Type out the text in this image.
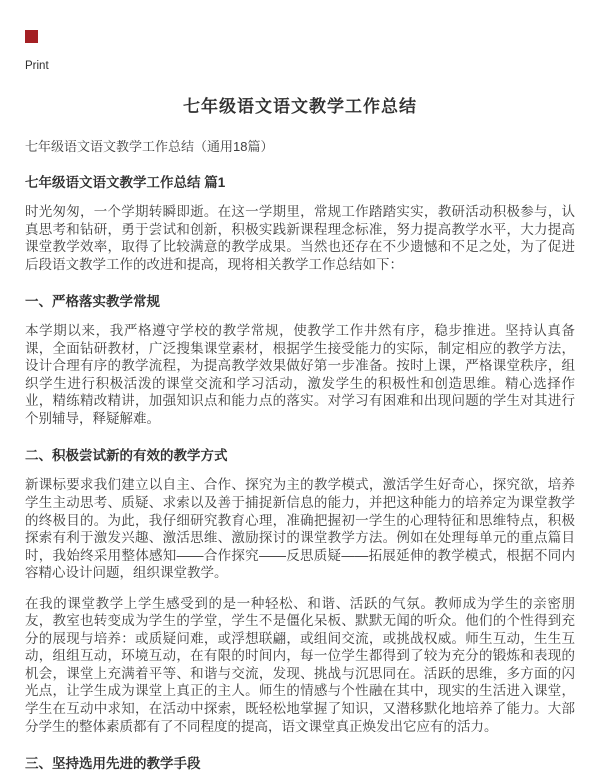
Print
七年级语文语文教学工作总结

七年级语文语文教学工作总结（通用18篇）

七年级语文语文教学工作总结 篇1

时光匆匆，一个学期转瞬即逝。在这一学期里，常规工作踏踏实实，教研活动积极参与，认真思考和钻研，勇于尝试和创新，积极实践新课程理念标准，努力提高教学水平，大力提高课堂教学效率，取得了比较满意的教学成果。当然也还存在不少遗憾和不足之处，为了促进后段语文教学工作的改进和提高，现将相关教学工作总结如下：

一、严格落实教学常规

本学期以来，我严格遵守学校的教学常规，使教学工作井然有序，稳步推进。坚持认真备课，全面钻研教材，广泛搜集课堂素材，根据学生接受能力的实际，制定相应的教学方法，设计合理有序的教学流程，为提高教学效果做好第一步准备。按时上课，严格课堂秩序，组织学生进行积极活泼的课堂交流和学习活动，激发学生的积极性和创造思维。精心选择作业，精练精改精讲，加强知识点和能力点的落实。对学习有困难和出现问题的学生对其进行个别辅导，释疑解难。

二、积极尝试新的有效的教学方式

新课标要求我们建立以自主、合作、探究为主的教学模式，激活学生好奇心，探究欲，培养学生主动思考、质疑、求索以及善于捕捉新信息的能力，并把这种能力的培养定为课堂教学的终极目的。为此，我仔细研究教育心理，准确把握初一学生的心理特征和思维特点，积极探索有利于激发兴趣、激活思维、激励探讨的课堂教学方法。例如在处理每单元的重点篇目时，我始终采用整体感知——合作探究——反思质疑——拓展延伸的教学模式，根据不同内容精心设计问题，组织课堂教学。

在我的课堂教学上学生感受到的是一种轻松、和谐、活跃的气氛。教师成为学生的亲密朋友，教室也转变成为学生的学堂，学生不是僵化呆板、默默无闻的听众。他们的个性得到充分的展现与培养：或质疑问难，或浮想联翩，或组间交流，或挑战权威。师生互动，生生互动，组组互动，环境互动，在有限的时间内，每一位学生都得到了较为充分的锻炼和表现的机会，课堂上充满着平等、和谐与交流，发现、挑战与沉思同在。活跃的思维，多方面的闪光点，让学生成为课堂上真正的主人。师生的情感与个性融在其中，现实的生活进入课堂，学生在互动中求知，在活动中探索，既轻松地掌握了知识，又潜移默化地培养了能力。大部分学生的整体素质都有了不同程度的提高，语文课堂真正焕发出它应有的活力。

三、坚持选用先进的教学手段
